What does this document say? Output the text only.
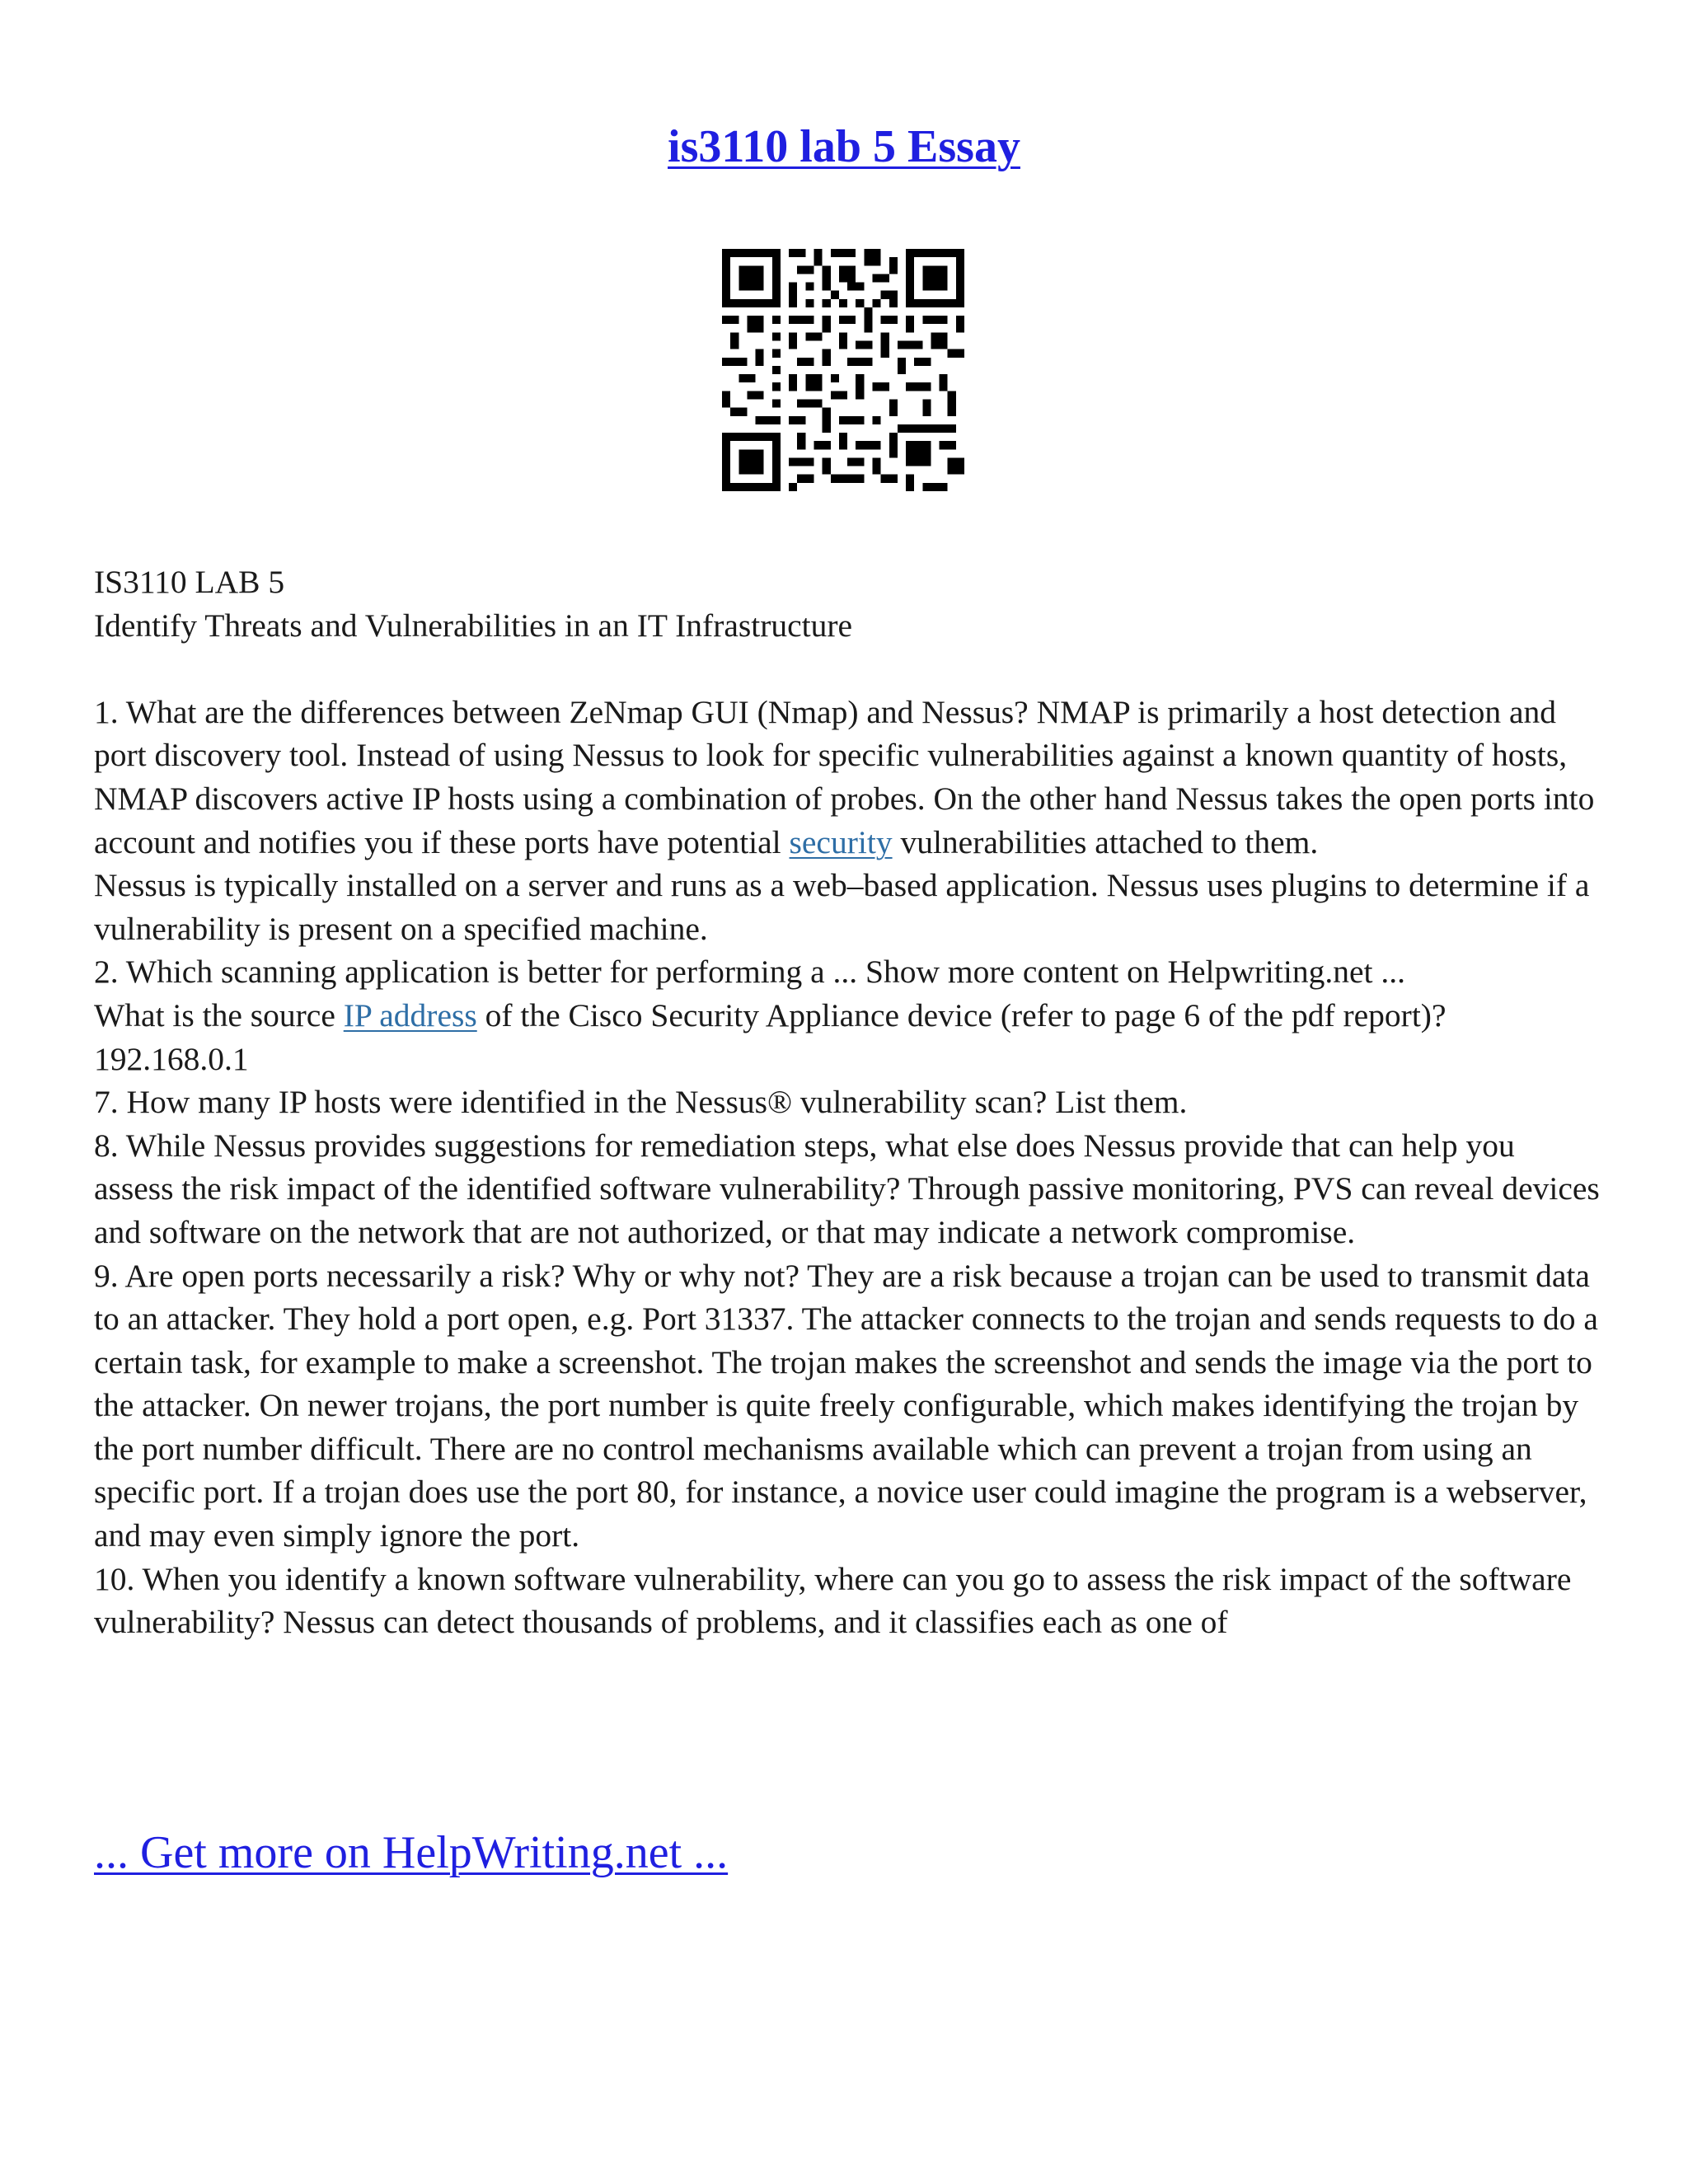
is3110 lab 5 Essay

IS3110 LAB 5

Identify Threats and Vulnerabilities in an IT Infrastructure

1. What are the differences between ZeNmap GUI (Nmap) and Nessus? NMAP is primarily a host detection and port discovery tool. Instead of using Nessus to look for specific vulnerabilities against a known quantity of hosts, NMAP discovers active IP hosts using a combination of probes. On the other hand Nessus takes the open ports into account and notifies you if these ports have potential security vulnerabilities attached to them.

Nessus is typically installed on a server and runs as a web–based application. Nessus uses plugins to determine if a vulnerability is present on a specified machine.

2. Which scanning application is better for performing a ... Show more content on Helpwriting.net ...

What is the source IP address of the Cisco Security Appliance device (refer to page 6 of the pdf report)? 192.168.0.1

7. How many IP hosts were identified in the Nessus® vulnerability scan? List them.

8. While Nessus provides suggestions for remediation steps, what else does Nessus provide that can help you assess the risk impact of the identified software vulnerability? Through passive monitoring, PVS can reveal devices and software on the network that are not authorized, or that may indicate a network compromise.

9. Are open ports necessarily a risk? Why or why not? They are a risk because a trojan can be used to transmit data to an attacker. They hold a port open, e.g. Port 31337. The attacker connects to the trojan and sends requests to do a certain task, for example to make a screenshot. The trojan makes the screenshot and sends the image via the port to the attacker. On newer trojans, the port number is quite freely configurable, which makes identifying the trojan by the port number difficult. There are no control mechanisms available which can prevent a trojan from using an specific port. If a trojan does use the port 80, for instance, a novice user could imagine the program is a webserver, and may even simply ignore the port.

10. When you identify a known software vulnerability, where can you go to assess the risk impact of the software vulnerability? Nessus can detect thousands of problems, and it classifies each as one of

... Get more on HelpWriting.net ...
